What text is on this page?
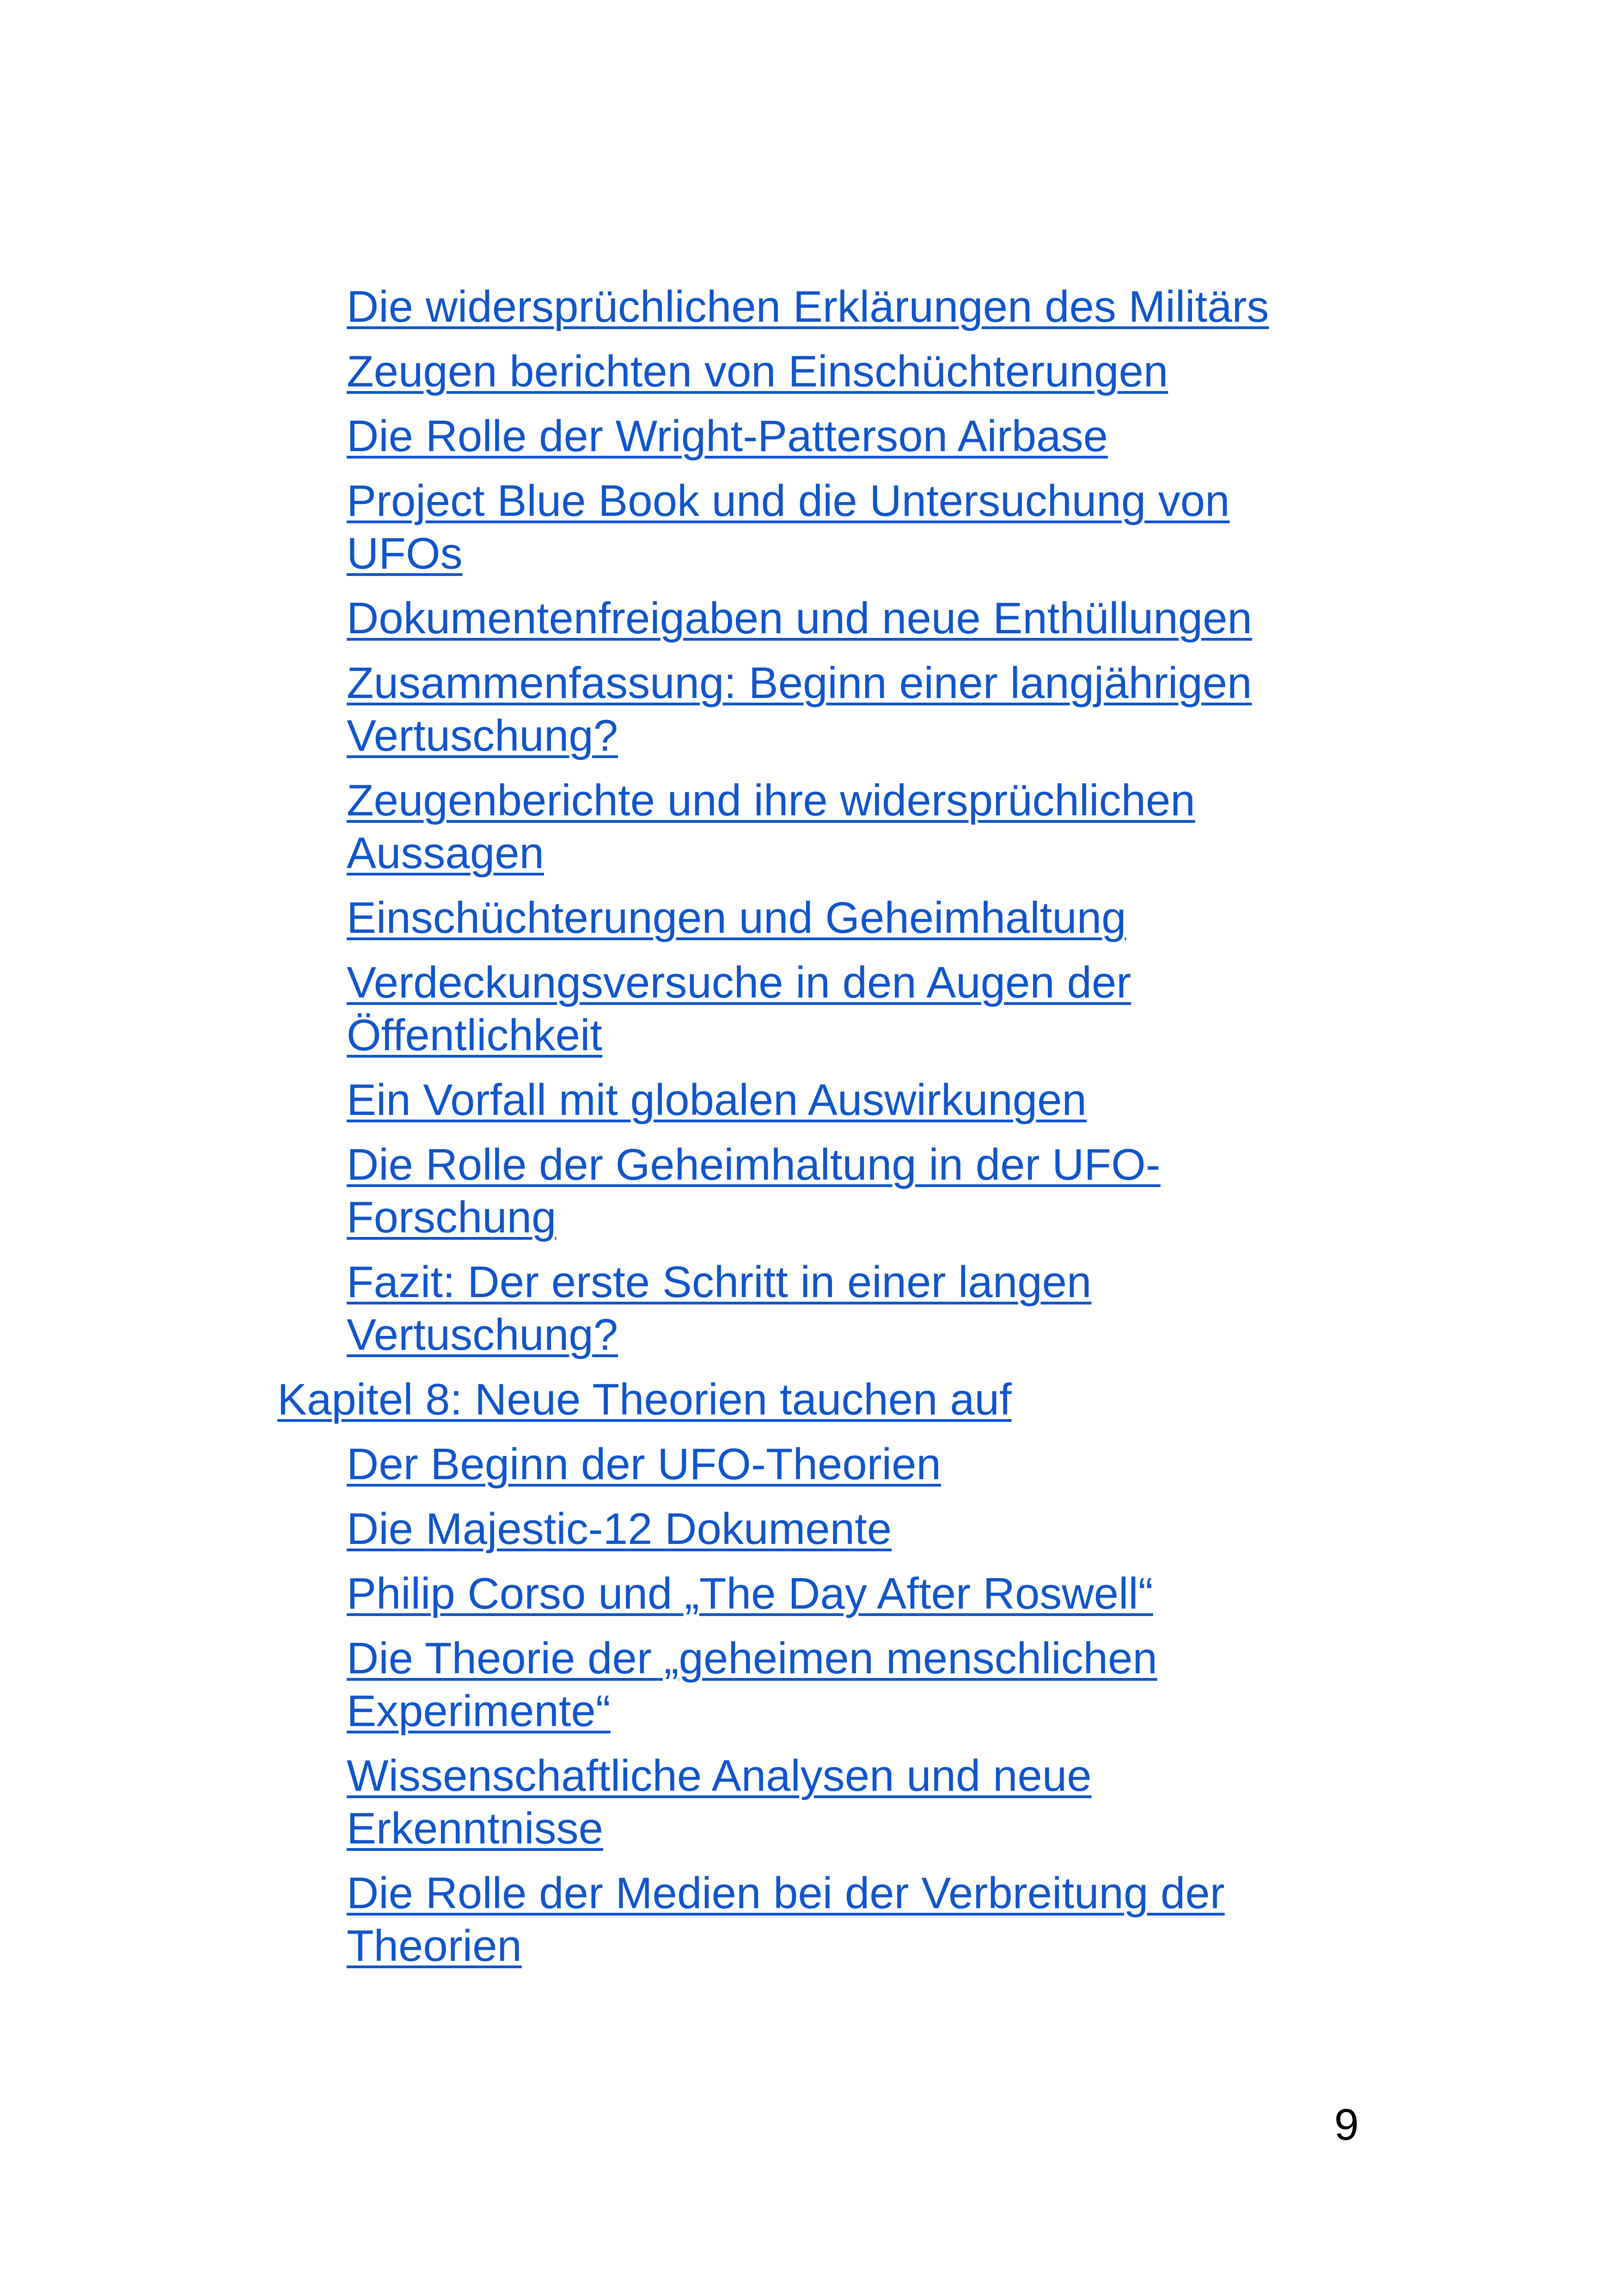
Die widersprüchlichen Erklärungen des Militärs
Zeugen berichten von Einschüchterungen
Die Rolle der Wright-Patterson Airbase
Project Blue Book und die Untersuchung von UFOs
Dokumentenfreigaben und neue Enthüllungen
Zusammenfassung: Beginn einer langjährigen Vertuschung?
Zeugenberichte und ihre widersprüchlichen Aussagen
Einschüchterungen und Geheimhaltung
Verdeckungsversuche in den Augen der Öffentlichkeit
Ein Vorfall mit globalen Auswirkungen
Die Rolle der Geheimhaltung in der UFO-Forschung
Fazit: Der erste Schritt in einer langen Vertuschung?
Kapitel 8: Neue Theorien tauchen auf
Der Beginn der UFO-Theorien
Die Majestic-12 Dokumente
Philip Corso und „The Day After Roswell“
Die Theorie der „geheimen menschlichen Experimente“
Wissenschaftliche Analysen und neue Erkenntnisse
Die Rolle der Medien bei der Verbreitung der Theorien
9
